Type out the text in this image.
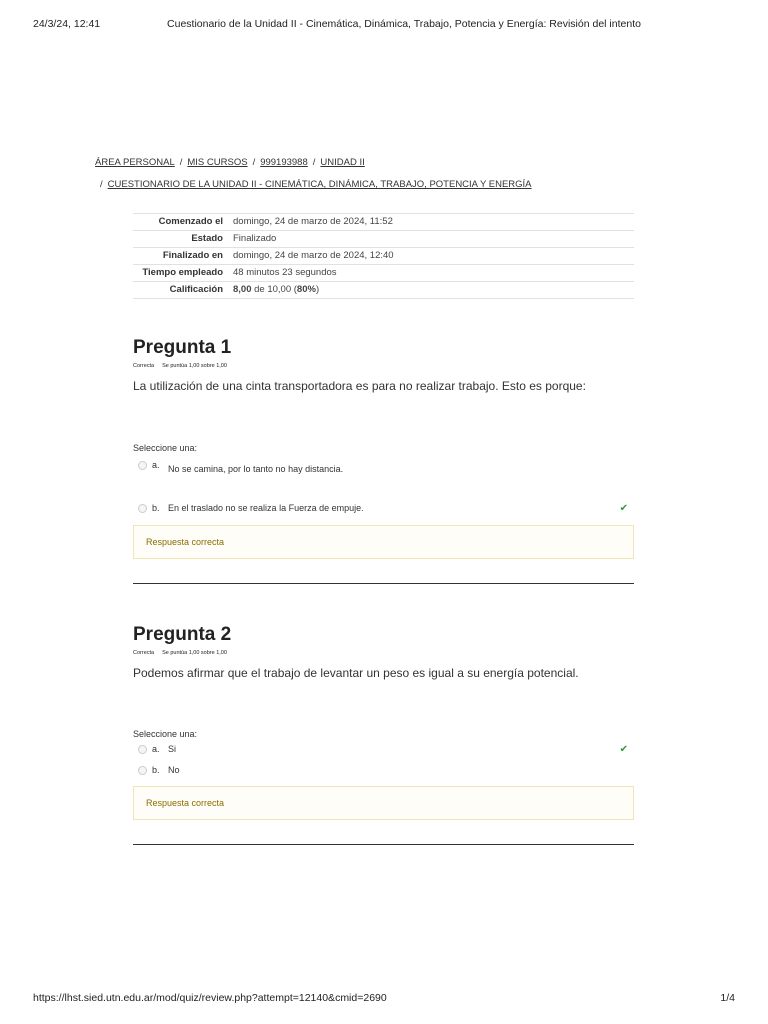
24/3/24, 12:41	Cuestionario de la Unidad II - Cinemática, Dinámica, Trabajo, Potencia y Energía: Revisión del intento
ÁREA PERSONAL / MIS CURSOS / 999193988 / UNIDAD II
/ CUESTIONARIO DE LA UNIDAD II - CINEMÁTICA, DINÁMICA, TRABAJO, POTENCIA Y ENERGÍA
Comenzado el	domingo, 24 de marzo de 2024, 11:52
Estado	Finalizado
Finalizado en	domingo, 24 de marzo de 2024, 12:40
Tiempo empleado	48 minutos 23 segundos
Calificación	8,00 de 10,00 (80%)
Pregunta 1
Correcta Se puntúa 1,00 sobre 1,00
La utilización de una cinta transportadora es para no realizar trabajo. Esto es porque:
Seleccione una:
a. No se camina, por lo tanto no hay distancia.
b. En el traslado no se realiza la Fuerza de empuje.	✔
Respuesta correcta
Pregunta 2
Correcta Se puntúa 1,00 sobre 1,00
Podemos afirmar que el trabajo de levantar un peso es igual a su energía potencial.
Seleccione una:
a. Si	✔
b. No
Respuesta correcta
https://lhst.sied.utn.edu.ar/mod/quiz/review.php?attempt=12140&cmid=2690	1/4
